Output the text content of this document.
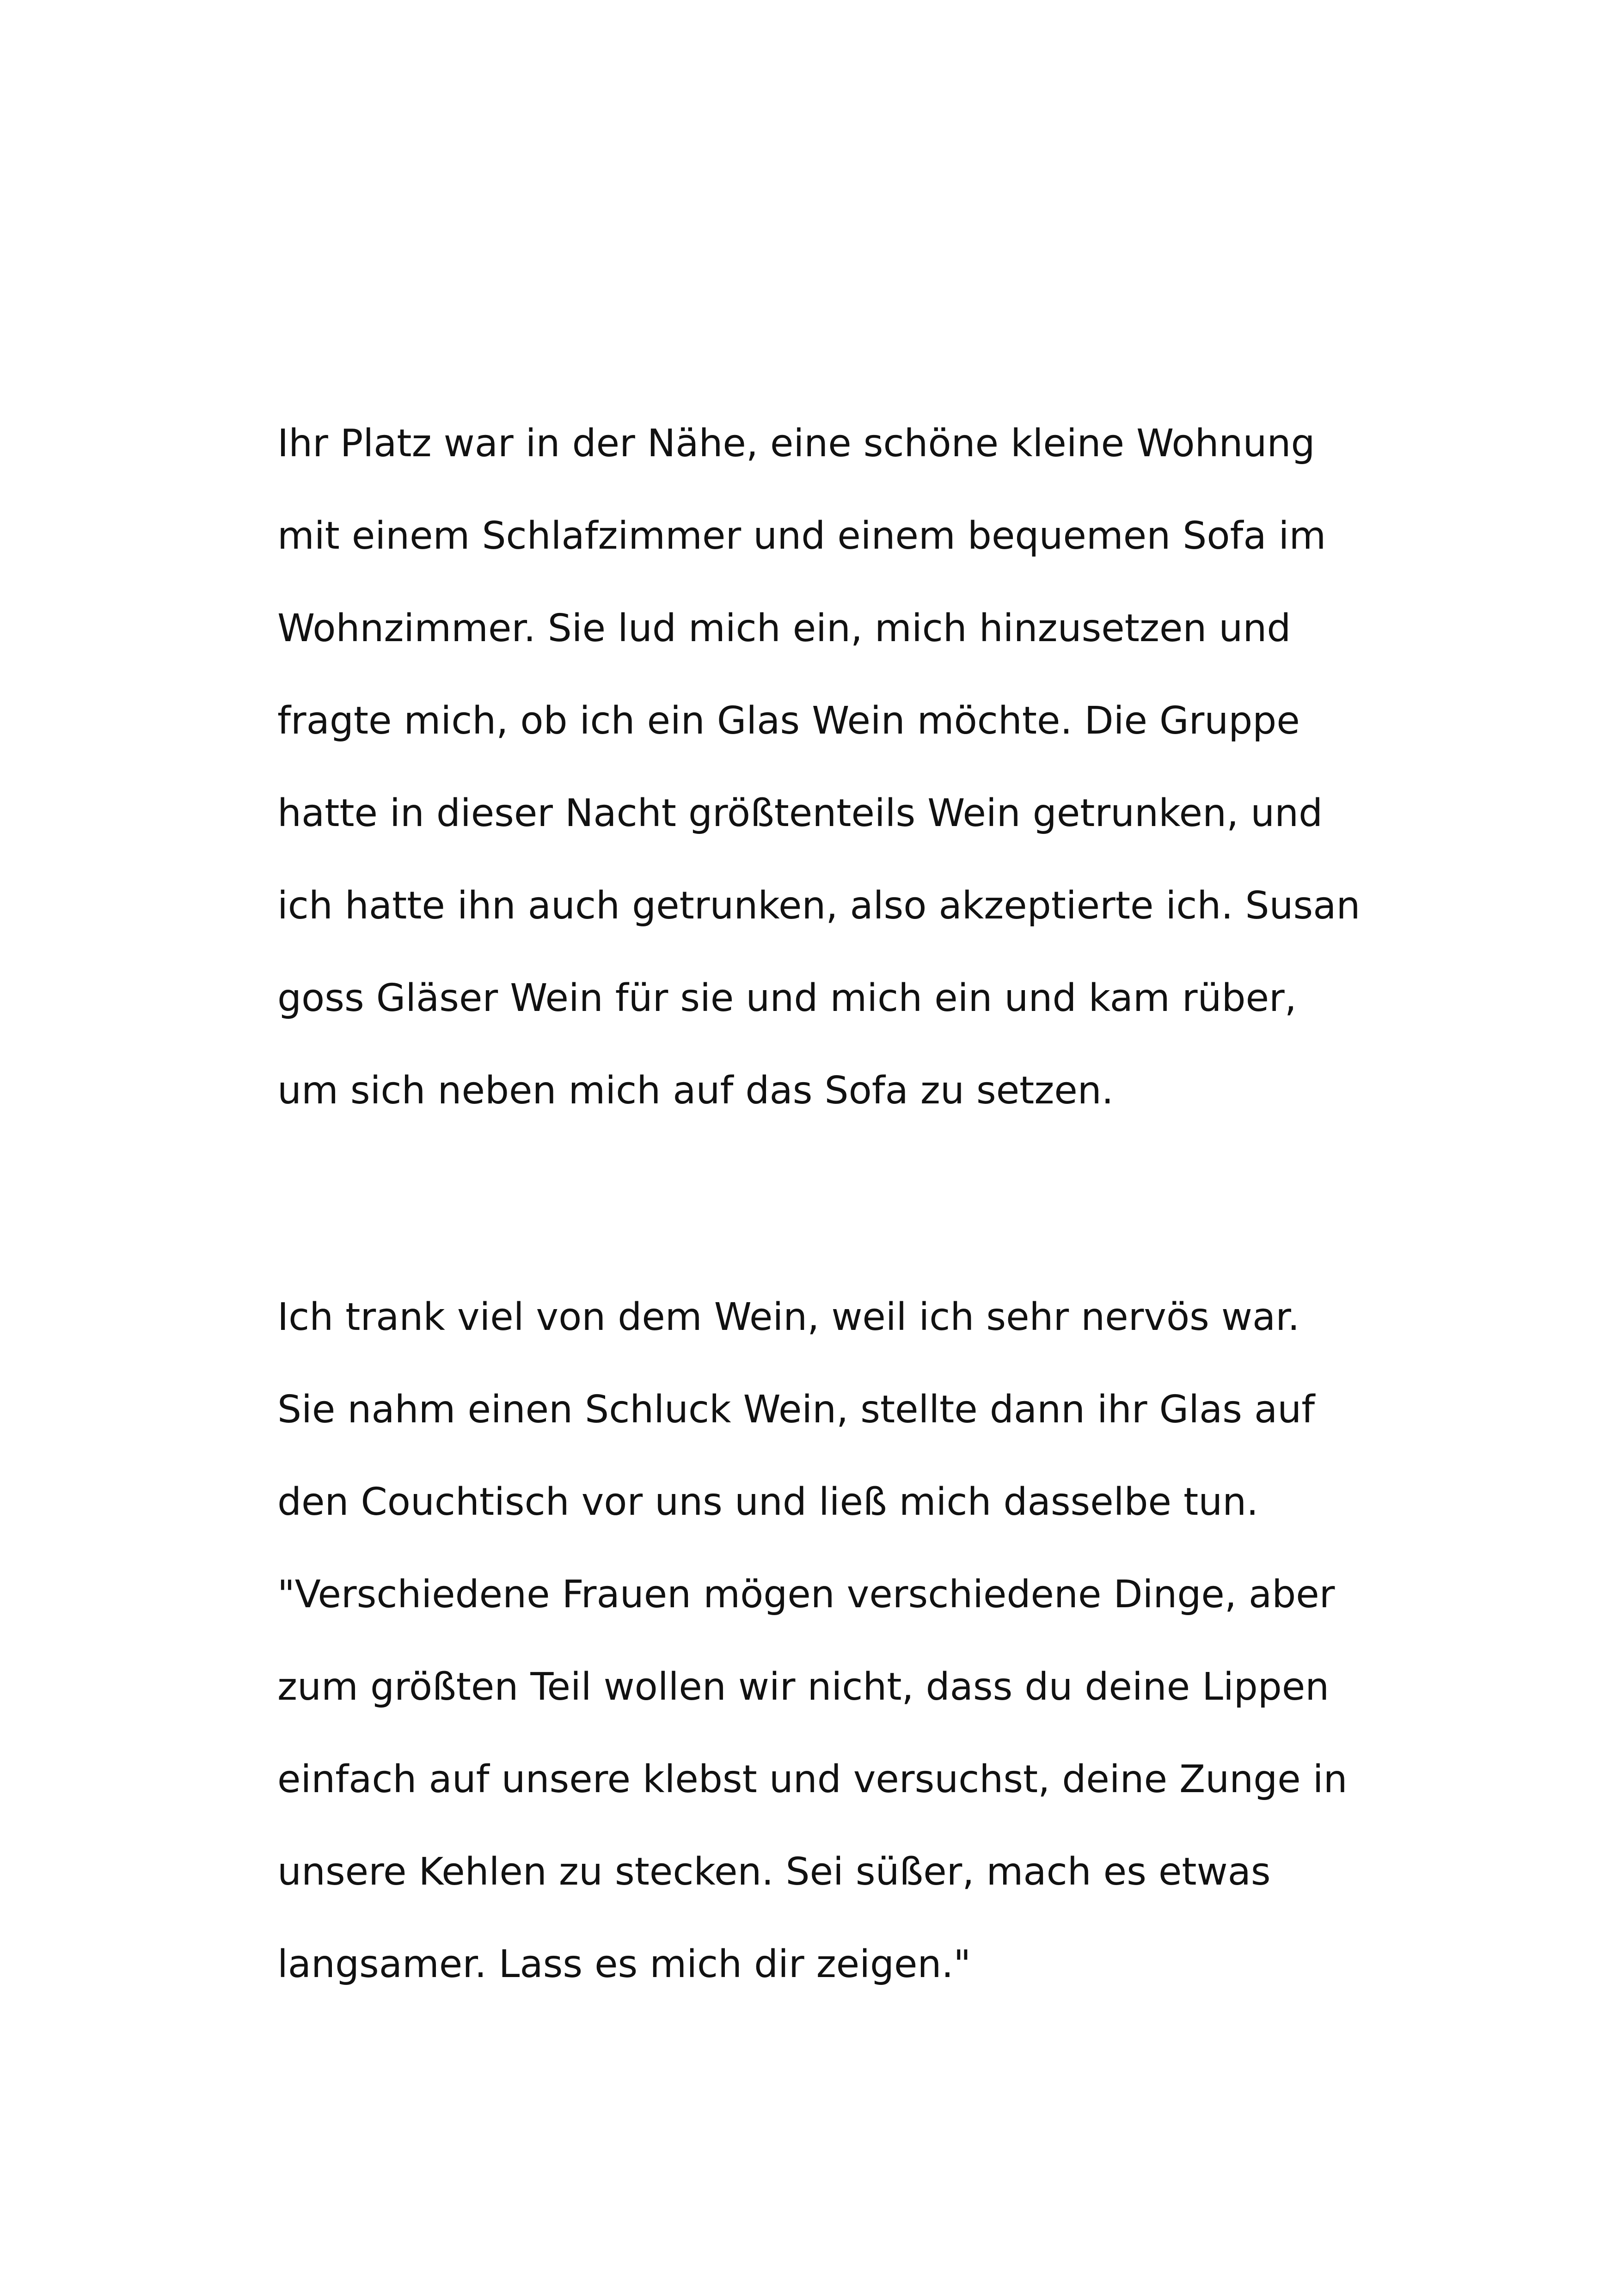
Ihr Platz war in der Nähe, eine schöne kleine Wohnung
mit einem Schlafzimmer und einem bequemen Sofa im
Wohnzimmer. Sie lud mich ein, mich hinzusetzen und
fragte mich, ob ich ein Glas Wein möchte. Die Gruppe
hatte in dieser Nacht größtenteils Wein getrunken, und
ich hatte ihn auch getrunken, also akzeptierte ich. Susan
goss Gläser Wein für sie und mich ein und kam rüber,
um sich neben mich auf das Sofa zu setzen.
Ich trank viel von dem Wein, weil ich sehr nervös war.
Sie nahm einen Schluck Wein, stellte dann ihr Glas auf
den Couchtisch vor uns und ließ mich dasselbe tun.
"Verschiedene Frauen mögen verschiedene Dinge, aber
zum größten Teil wollen wir nicht, dass du deine Lippen
einfach auf unsere klebst und versuchst, deine Zunge in
unsere Kehlen zu stecken. Sei süßer, mach es etwas
langsamer. Lass es mich dir zeigen."
